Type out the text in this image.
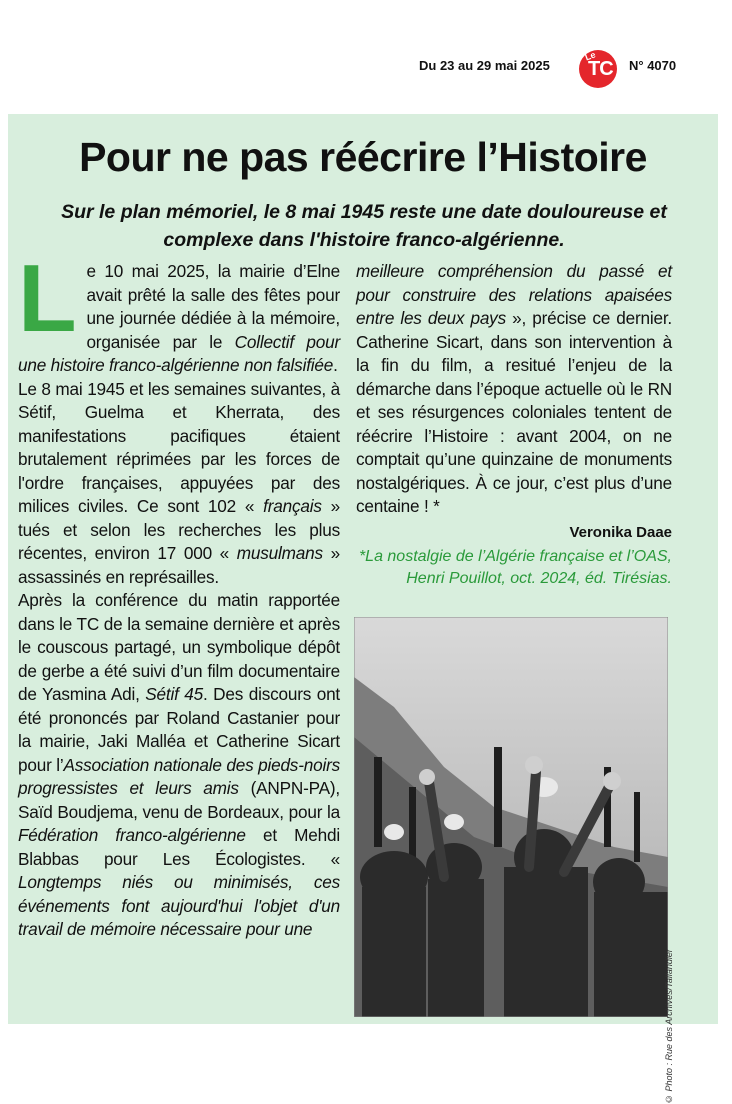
Du 23 au 29 mai 2025
Le
TC N° 4070
Pour ne pas réécrire l’Histoire
Sur le plan mémoriel, le 8 mai 1945 reste une date douloureuse et complexe dans l'histoire franco-algérienne.

Le 10 mai 2025, la mairie d’Elne avait prêté la salle des fêtes pour une journée dédiée à la mémoire, organisée par le Collectif pour une histoire franco-algérienne non falsifiée.

Le 8 mai 1945 et les semaines suivantes, à Sétif, Guelma et Kherrata, des manifestations pacifiques étaient brutalement réprimées par les forces de l'ordre françaises, appuyées par des milices civiles. Ce sont 102 « français » tués et selon les recherches les plus récentes, environ 17 000 « musulmans » assassinés en représailles.

Après la conférence du matin rapportée dans le TC de la semaine dernière et après le couscous partagé, un symbolique dépôt de gerbe a été suivi d’un film documentaire de Yasmina Adi, Sétif 45. Des discours ont été prononcés par Roland Castanier pour la mairie, Jaki Malléa et Catherine Sicart pour l’Association nationale des pieds-noirs progressistes et leurs amis (ANPN-PA), Saïd Boudjema, venu de Bordeaux, pour la Fédération franco-algérienne et Mehdi Blabbas pour Les Écologistes. « Longtemps niés ou minimisés, ces événements font aujourd'hui l'objet d'un travail de mémoire nécessaire pour une

meilleure compréhension du passé et pour construire des relations apaisées entre les deux pays », précise ce dernier. Catherine Sicart, dans son intervention à la fin du film, a resitué l’enjeu de la démarche dans l’époque actuelle où le RN et ses résurgences coloniales tentent de réécrire l’Histoire : avant 2004, on ne comptait qu’une quinzaine de monuments nostalgériques. À ce jour, c’est plus d’une centaine ! *

Veronika Daae
*La nostalgie de l’Algérie française et l’OAS, Henri Pouillot, oct. 2024, éd. Tirésias.
© Photo : Rue des Archives/Tallandier
